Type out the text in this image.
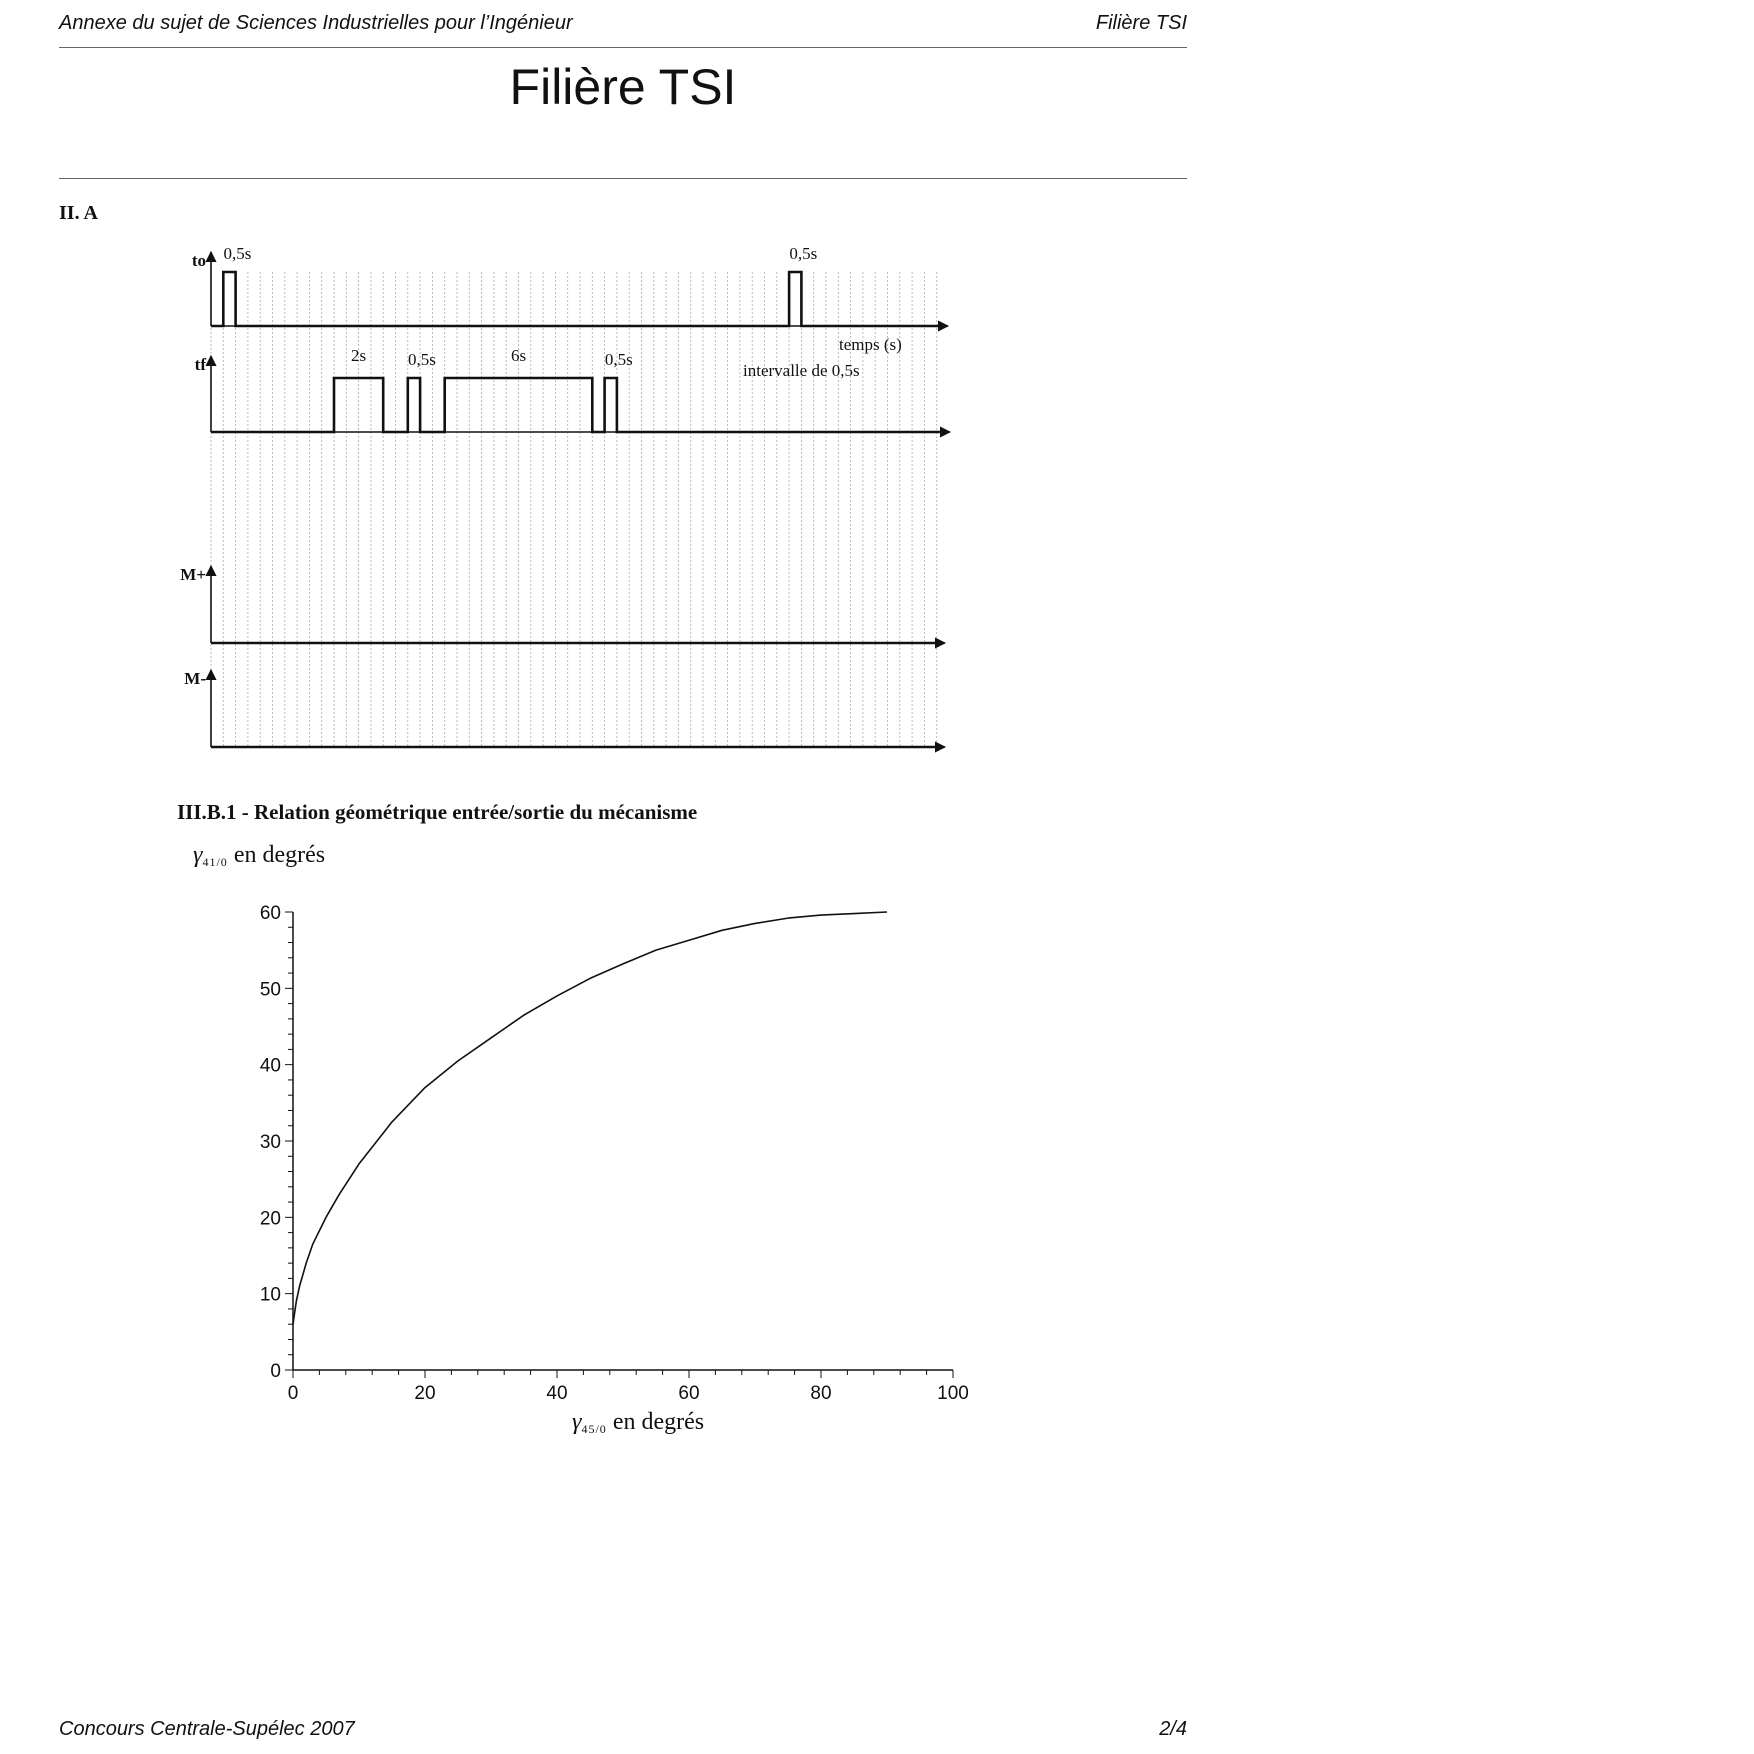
Annexe du sujet de Sciences Industrielles pour l’Ingénieur	Filière TSI
Filière TSI
II. A
to 0,5s	0,5s
tf	2s 0,5s	6s	0,5s
M+
M-
temps (s)
intervalle de 0,5s
III.B.1 - Relation géométrique entrée/sortie du mécanisme
γ41/0 en degrés
0	20	40	60	80	100
0
10
20
30
40
50
60
γ45/0 en degrés
Concours Centrale-Supélec 2007	2/4
